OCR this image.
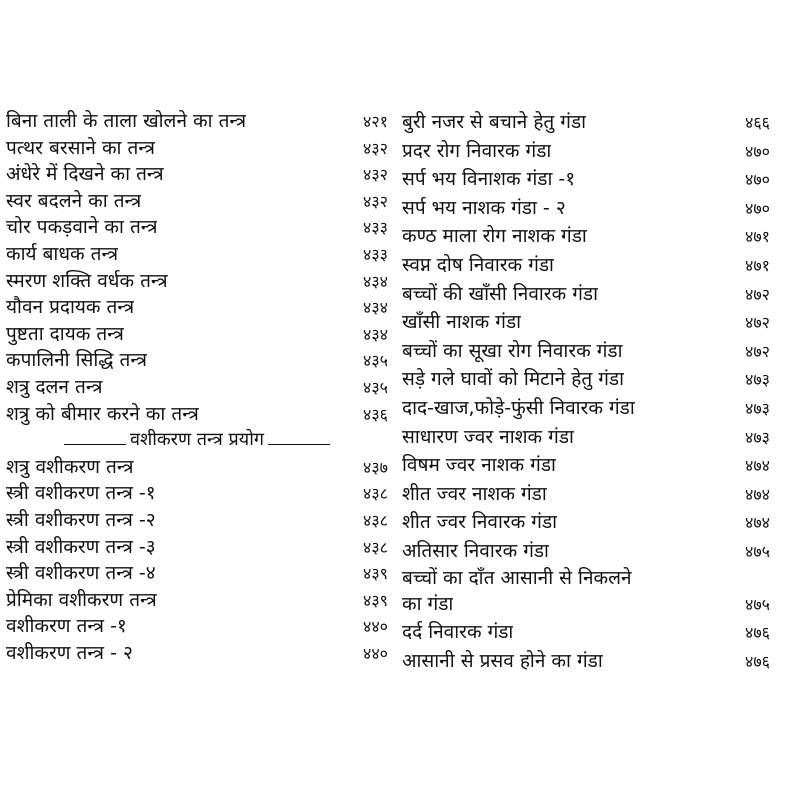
बिना ताली के ताला खोलने का तन्त्र	४२१
पत्थर बरसाने का तन्त्र	४३२
अंधेरे में दिखने का तन्त्र	४३२
स्वर बदलने का तन्त्र	४३२
चोर पकड़वाने का तन्त्र	४३३
कार्य बाधक तन्त्र	४३३
स्मरण शक्ति वर्धक तन्त्र	४३४
यौवन प्रदायक तन्त्र	४३४
पुष्टता दायक तन्त्र	४३४
कपालिनी सिद्धि तन्त्र	४३५
शत्रु दलन तन्त्र	४३५
शत्रु को बीमार करने का तन्त्र	४३६
वशीकरण तन्त्र प्रयोग
शत्रु वशीकरण तन्त्र	४३७
स्त्री वशीकरण तन्त्र -१	४३८
स्त्री वशीकरण तन्त्र -२	४३८
स्त्री वशीकरण तन्त्र -३	४३८
स्त्री वशीकरण तन्त्र -४	४३९
प्रेमिका वशीकरण तन्त्र	४३९
वशीकरण तन्त्र -१	४४०
वशीकरण तन्त्र - २	४४०
बुरी नजर से बचाने हेतु गंडा	४६६
प्रदर रोग निवारक गंडा	४७०
सर्प भय विनाशक गंडा -१	४७०
सर्प भय नाशक गंडा - २	४७०
कण्ठ माला रोग नाशक गंडा	४७१
स्वप्न दोष निवारक गंडा	४७१
बच्चों की खाँसी निवारक गंडा	४७२
खाँसी नाशक गंडा	४७२
बच्चों का सूखा रोग निवारक गंडा	४७२
सड़े गले घावों को मिटाने हेतु गंडा	४७३
दाद-खाज,फोड़े-फुंसी निवारक गंडा	४७३
साधारण ज्वर नाशक गंडा	४७३
विषम ज्वर नाशक गंडा	४७४
शीत ज्वर नाशक गंडा	४७४
शीत ज्वर निवारक गंडा	४७४
अतिसार निवारक गंडा	४७५
बच्चों का दाँत आसानी से निकलने
का गंडा	४७५
दर्द निवारक गंडा	४७६
आसानी से प्रसव होने का गंडा	४७६
